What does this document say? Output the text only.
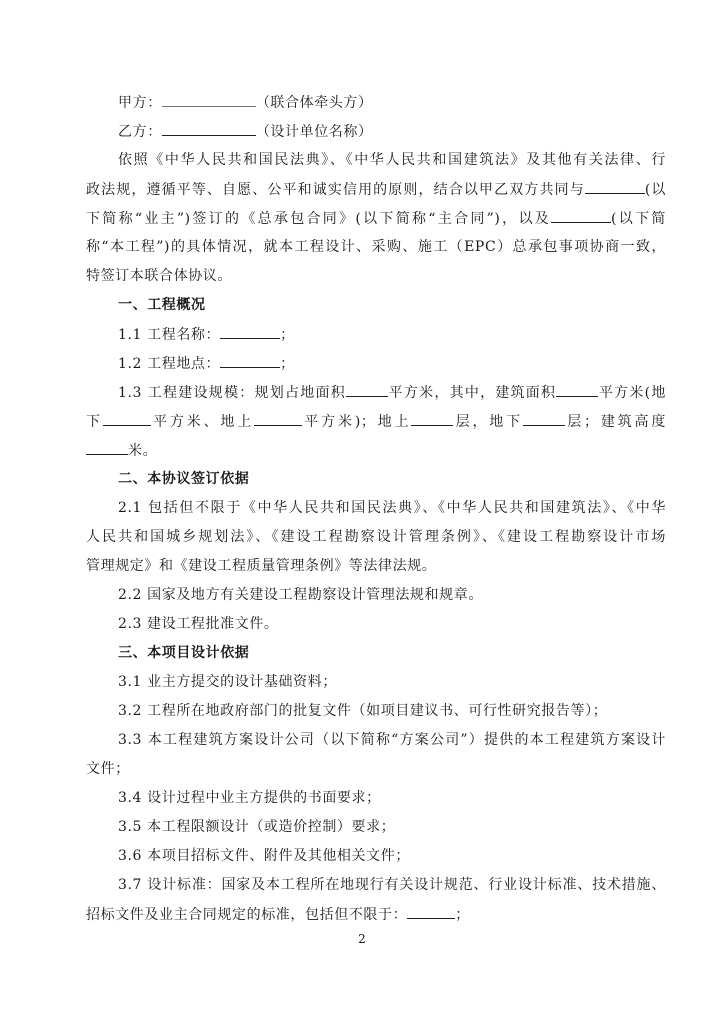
甲方：	（联合体牵头方）
乙方：	（设计单位名称）
依照《中华人民共和国民法典》、《中华人民共和国建筑法》及其他有关法律、行
政法规，遵循平等、自愿、公平和诚实信用的原则，结合以甲乙双方共同与	(以
下简称“业主”)签订的《总承包合同》(以下简称“主合同”)，以及	(以下简
称“本工程”)的具体情况，就本工程设计、采购、施工（EPC）总承包事项协商一致，
特签订本联合体协议。
一、工程概况
1.1 工程名称：	；
1.2 工程地点：	；
1.3 工程建设规模：规划占地面积	平方米，其中，建筑面积	平方米(地
下	平方米、地上	平方米)；地上	层，地下	层；建筑高度
米。
二、本协议签订依据
2.1 包括但不限于《中华人民共和国民法典》、《中华人民共和国建筑法》、《中华
人民共和国城乡规划法》、《建设工程勘察设计管理条例》、《建设工程勘察设计市场
管理规定》和《建设工程质量管理条例》等法律法规。
2.2 国家及地方有关建设工程勘察设计管理法规和规章。
2.3 建设工程批准文件。
三、本项目设计依据
3.1 业主方提交的设计基础资料；
3.2 工程所在地政府部门的批复文件（如项目建议书、可行性研究报告等）；
3.3 本工程建筑方案设计公司（以下简称“方案公司”）提供的本工程建筑方案设计
文件；
3.4 设计过程中业主方提供的书面要求；
3.5 本工程限额设计（或造价控制）要求；
3.6 本项目招标文件、附件及其他相关文件；
3.7 设计标准：国家及本工程所在地现行有关设计规范、行业设计标准、技术措施、
招标文件及业主合同规定的标准，包括但不限于：	；
2
